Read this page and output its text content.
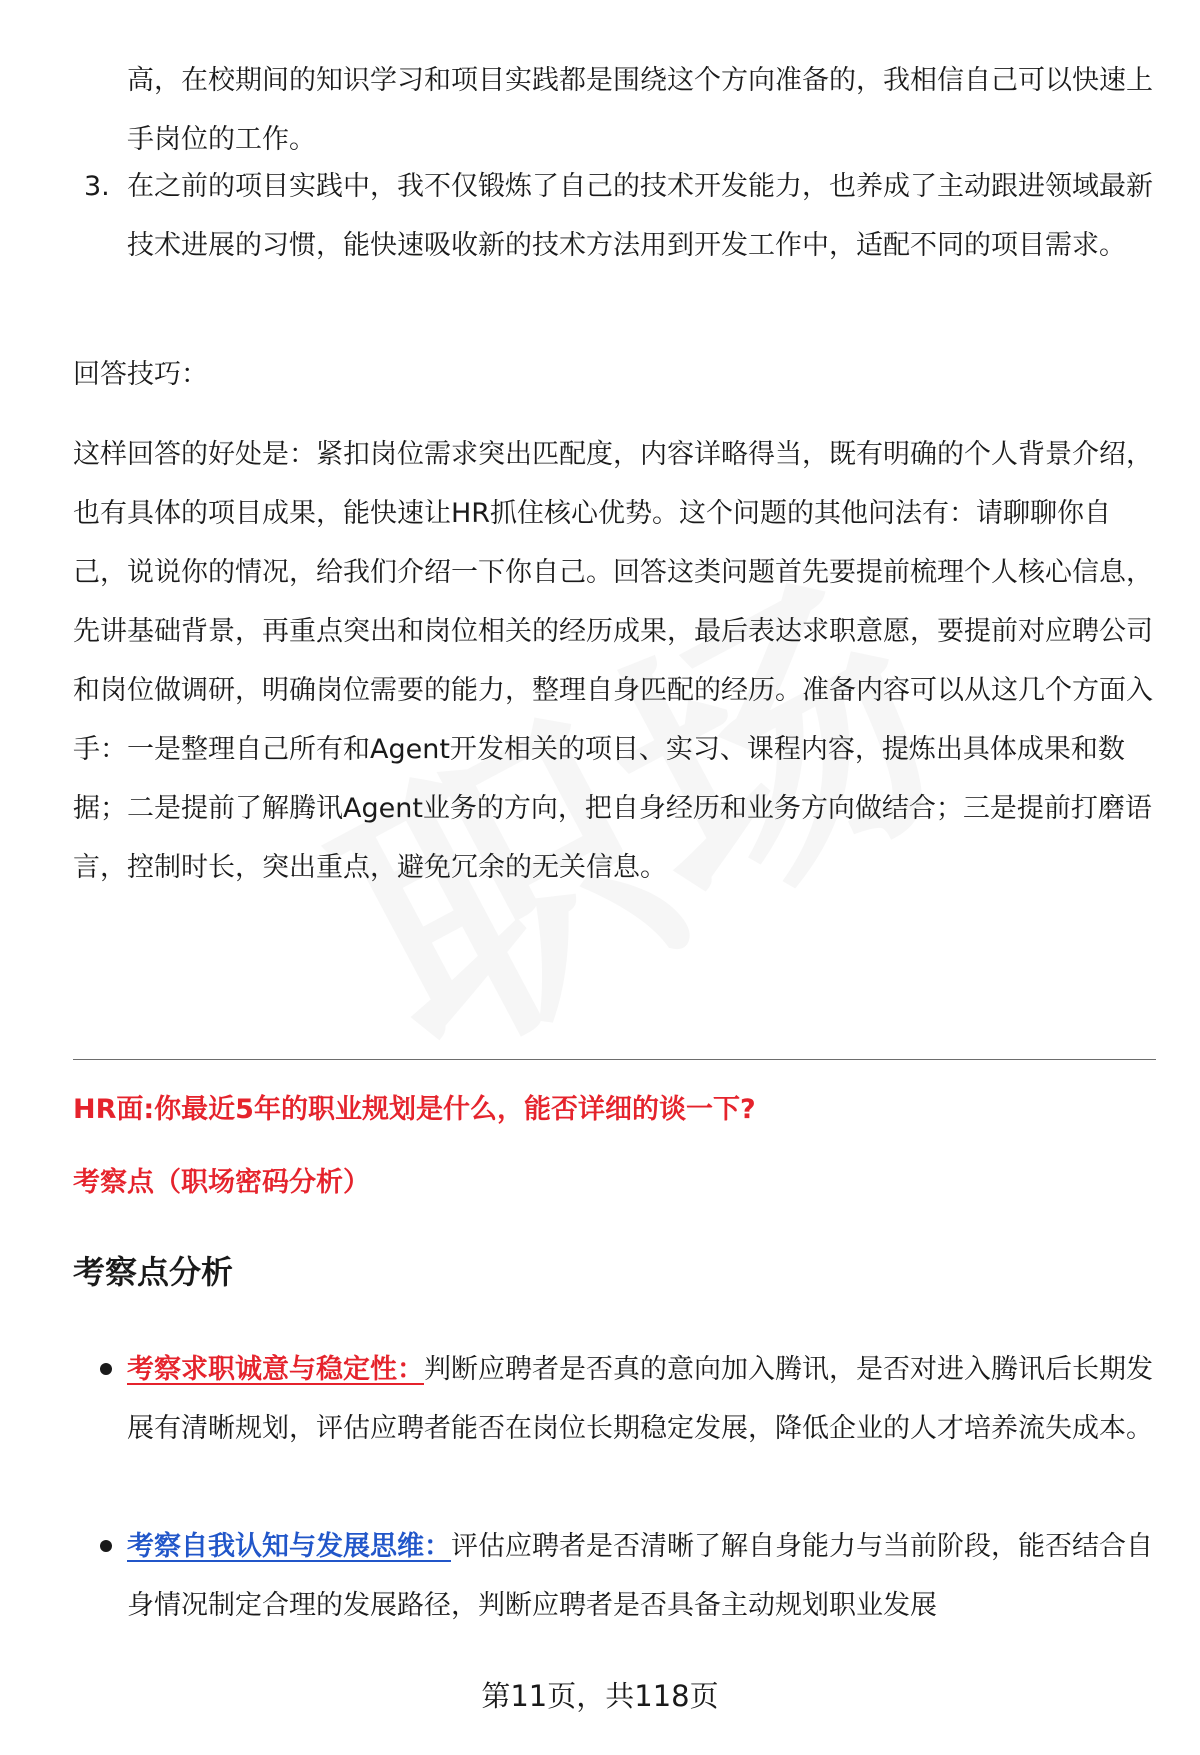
高，在校期间的知识学习和项目实践都是围绕这个方向准备的，我相信自己可以快速上手岗位的工作。

3. 在之前的项目实践中，我不仅锻炼了自己的技术开发能力，也养成了主动跟进领域最新技术进展的习惯，能快速吸收新的技术方法用到开发工作中，适配不同的项目需求。

回答技巧：

这样回答的好处是：紧扣岗位需求突出匹配度，内容详略得当，既有明确的个人背景介绍，也有具体的项目成果，能快速让HR抓住核心优势。这个问题的其他问法有：请聊聊你自己，说说你的情况，给我们介绍一下你自己。回答这类问题首先要提前梳理个人核心信息，先讲基础背景，再重点突出和岗位相关的经历成果，最后表达求职意愿，要提前对应聘公司和岗位做调研，明确岗位需要的能力，整理自身匹配的经历。准备内容可以从这几个方面入手：一是整理自己所有和Agent开发相关的项目、实习、课程内容，提炼出具体成果和数据；二是提前了解腾讯Agent业务的方向，把自身经历和业务方向做结合；三是提前打磨语言，控制时长，突出重点，避免冗余的无关信息。

HR面:你最近5年的职业规划是什么，能否详细的谈一下?
考察点（职场密码分析）
考察点分析

考察求职诚意与稳定性：判断应聘者是否真的意向加入腾讯，是否对进入腾讯后长期发展有清晰规划，评估应聘者能否在岗位长期稳定发展，降低企业的人才培养流失成本。

考察自我认知与发展思维：评估应聘者是否清晰了解自身能力与当前阶段，能否结合自身情况制定合理的发展路径，判断应聘者是否具备主动规划职业发展

第11页，共118页
